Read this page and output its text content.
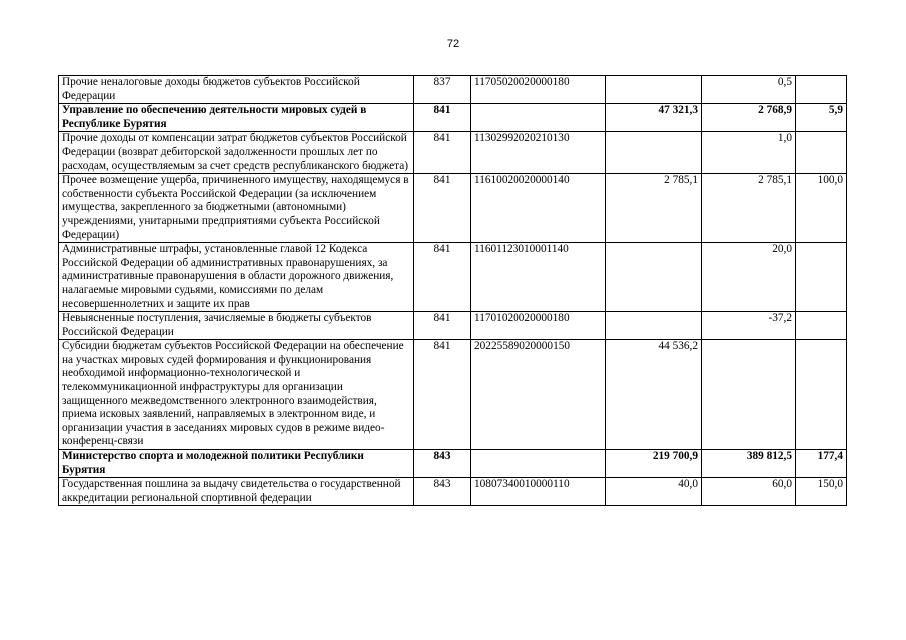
72
Прочие неналоговые доходы бюджетов субъектов Российской Федерации	837	11705020020000180		0,5	
Управление по обеспечению деятельности мировых судей в Республике Бурятия	841		47 321,3	2 768,9	5,9
Прочие доходы от компенсации затрат бюджетов субъектов Российской Федерации (возврат дебиторской задолженности прошлых лет по расходам, осуществляемым за счет средств республиканского бюджета)	841	11302992020210130		1,0	
Прочее возмещение ущерба, причиненного имуществу, находящемуся в собственности субъекта Российской Федерации (за исключением имущества, закрепленного за бюджетными (автономными) учреждениями, унитарными предприятиями субъекта Российской Федерации)	841	11610020020000140	2 785,1	2 785,1	100,0
Административные штрафы, установленные главой 12 Кодекса Российской Федерации об административных правонарушениях, за административные правонарушения в области дорожного движения, налагаемые мировыми судьями, комиссиями по делам несовершеннолетних и защите их прав	841	11601123010001140		20,0	
Невыясненные поступления, зачисляемые в бюджеты субъектов Российской Федерации	841	11701020020000180		-37,2	
Субсидии бюджетам субъектов Российской Федерации на обеспечение на участках мировых судей формирования и функционирования необходимой информационно-технологической и телекоммуникационной инфраструктуры для организации защищенного межведомственного электронного взаимодействия, приема исковых заявлений, направляемых в электронном виде, и организации участия в заседаниях мировых судов в режиме видео-конференц-связи	841	20225589020000150	44 536,2		
Министерство спорта и молодежной политики Республики Бурятия	843		219 700,9	389 812,5	177,4
Государственная пошлина за выдачу свидетельства о государственной аккредитации региональной спортивной федерации	843	10807340010000110	40,0	60,0	150,0
